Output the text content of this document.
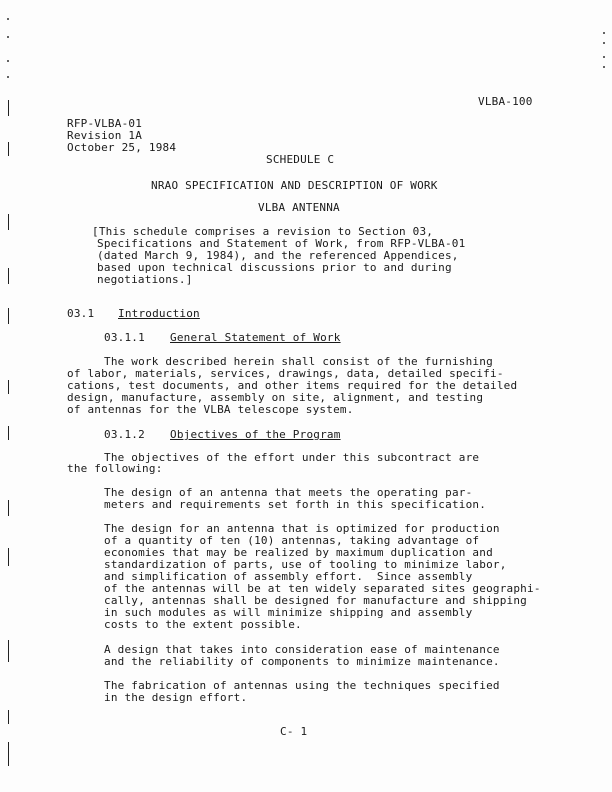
VLBA-100
RFP-VLBA-01
Revision 1A
October 25, 1984
SCHEDULE C
NRAO SPECIFICATION AND DESCRIPTION OF WORK
VLBA ANTENNA
[This schedule comprises a revision to Section 03,
Specifications and Statement of Work, from RFP-VLBA-01
(dated March 9, 1984), and the referenced Appendices,
based upon technical discussions prior to and during
negotiations.]
03.1 Introduction
03.1.1 General Statement of Work
The work described herein shall consist of the furnishing
of labor, materials, services, drawings, data, detailed specifi-
cations, test documents, and other items required for the detailed
design, manufacture, assembly on site, alignment, and testing
of antennas for the VLBA telescope system.
03.1.2 Objectives of the Program
The objectives of the effort under this subcontract are
the following:
The design of an antenna that meets the operating par-
meters and requirements set forth in this specification.
The design for an antenna that is optimized for production
of a quantity of ten (10) antennas, taking advantage of
economies that may be realized by maximum duplication and
standardization of parts, use of tooling to minimize labor,
and simplification of assembly effort.  Since assembly
of the antennas will be at ten widely separated sites geographi-
cally, antennas shall be designed for manufacture and shipping
in such modules as will minimize shipping and assembly
costs to the extent possible.
A design that takes into consideration ease of maintenance
and the reliability of components to minimize maintenance.
The fabrication of antennas using the techniques specified
in the design effort.
C- 1
